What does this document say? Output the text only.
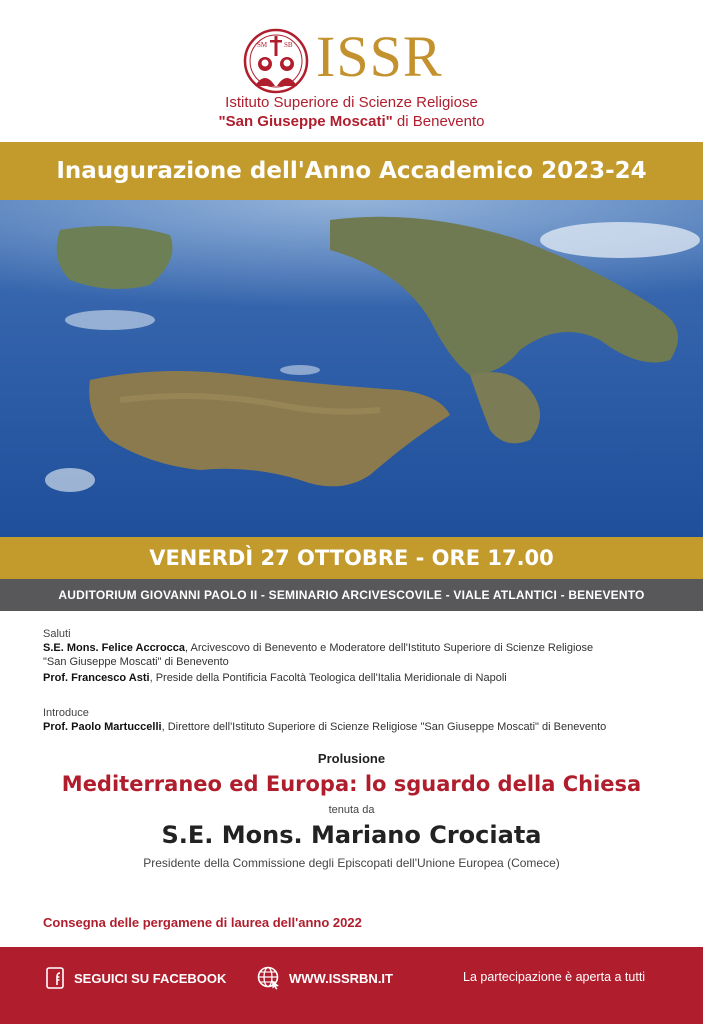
SM SB ISSR
Istituto Superiore di Scienze Religiose
"San Giuseppe Moscati" di Benevento
Inaugurazione dell'Anno Accademico 2023-24
VENERDÌ 27 OTTOBRE - ORE 17.00
AUDITORIUM GIOVANNI PAOLO II - SEMINARIO ARCIVESCOVILE - VIALE ATLANTICI - BENEVENTO
Saluti
S.E. Mons. Felice Accrocca, Arcivescovo di Benevento e Moderatore dell'Istituto Superiore di Scienze Religiose
"San Giuseppe Moscati" di Benevento
Prof. Francesco Asti, Preside della Pontificia Facoltà Teologica dell'Italia Meridionale di Napoli
Introduce
Prof. Paolo Martuccelli, Direttore dell'Istituto Superiore di Scienze Religiose "San Giuseppe Moscati" di Benevento
Prolusione
Mediterraneo ed Europa: lo sguardo della Chiesa
tenuta da
S.E. Mons. Mariano Crociata
Presidente della Commissione degli Episcopati dell'Unione Europea (Comece)
Consegna delle pergamene di laurea dell'anno 2022
SEGUICI SU FACEBOOK	WWW.ISSRBN.IT	La partecipazione è aperta a tutti
